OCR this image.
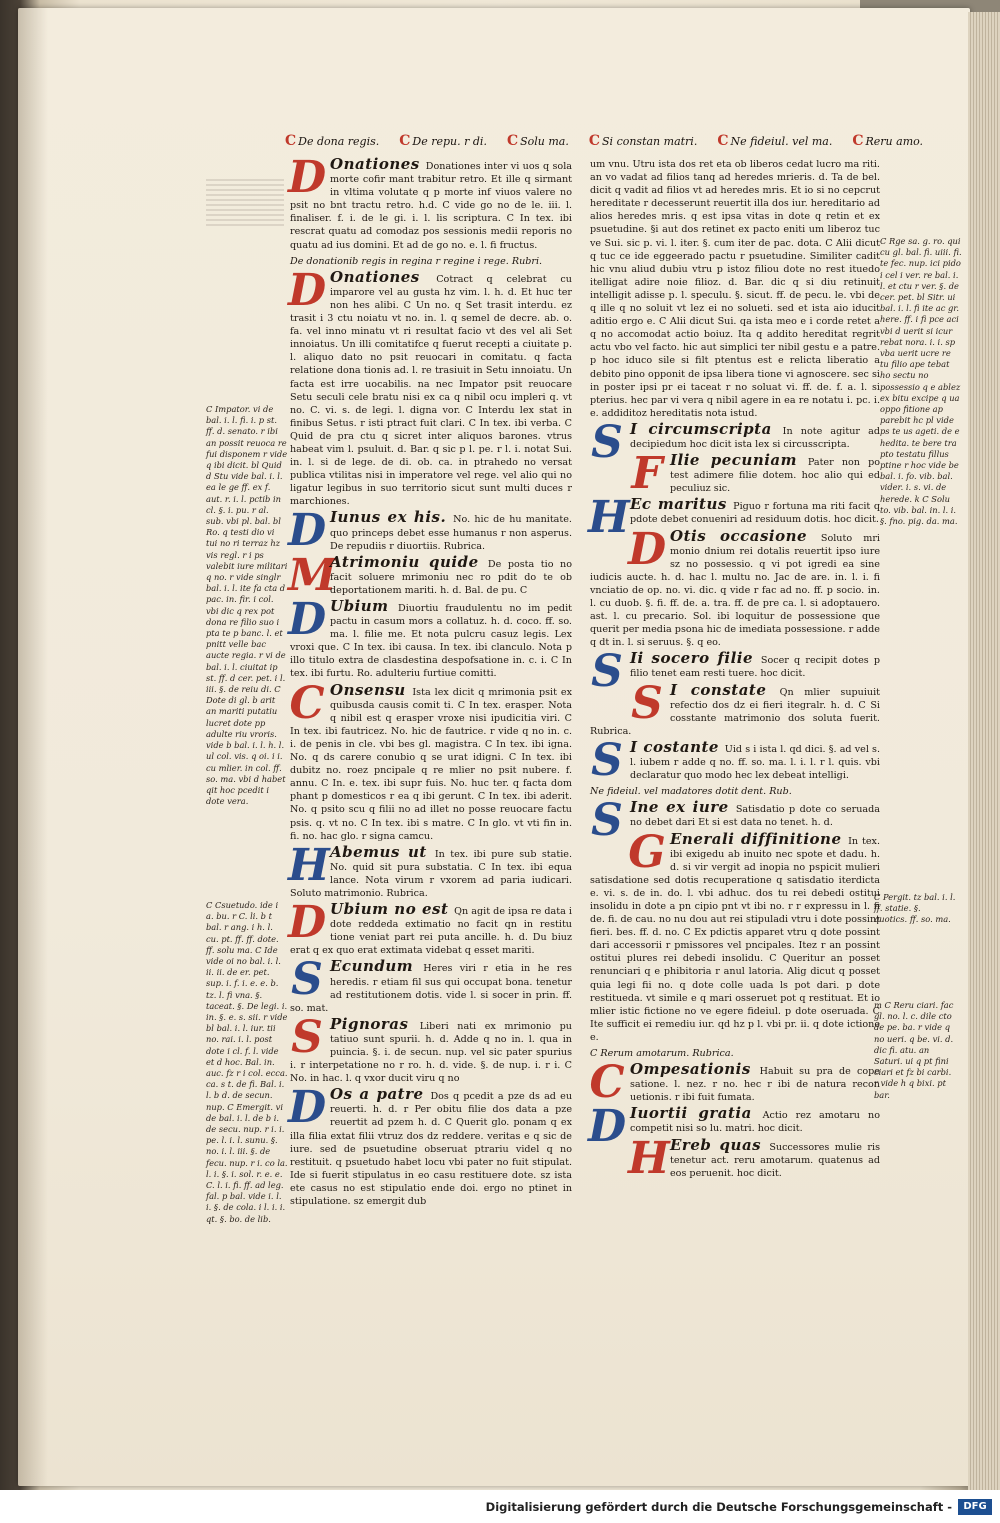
C De dona regis. C De repu. r di. C Solu ma. C Si constan matri. C Ne fideiul. vel ma. C Reru amo.
D Onationes Donationes inter vi uos q sola morte cofir mant trabitur retro. Et ille q sirmant in vltima volutate q p morte inf viuos valere no psit no bnt tractu retro. h.d. C vide go no de le. iii. l. finaliser. f. i. de le gi. i. l. lis scriptura. C In tex. ibi rescrat quatu ad comodaz pos sessionis medii reporis no quatu ad ius domini. Et ad de go no. e. l. fi fructus.
De donationib regis in regina r regine i rege. Rubri.
D Onationes Cotract q celebrat cu imparore vel au gusta hz vim. l. h. d. Et huc ter non hes alibi. C Un no. q Set trasit interdu. ez trasit i 3 ctu noiatu vt no. in. l. q semel de decre. ab. o. fa. vel inno minatu vt ri resultat facio vt des vel ali Set innoiatus. Un illi comitatifce q fuerut recepti a ciuitate p. l. aliquo dato no psit reuocari in comitatu. q facta relatione dona tionis ad. l. re trasiuit in Setu innoiatu. Un facta est irre uocabilis. na nec Impator psit reuocare Setu seculi cele bratu nisi ex ca q nibil ocu impleri q. vt no. C. vi. s. de legi. l. digna vor. C Interdu lex stat in finibus Setus. r isti ptract fuit clari. C In tex. ibi verba. C Quid de pra ctu q sicret inter aliquos barones. vtrus habeat vim l. psuluit. d. Bar. q sic p l. pe. r l. i. notat Sui. in. l. si de lege. de di. ob. ca. in ptrahedo no versat publica vtilitas nisi in imperatore vel rege. vel alio qui no ligatur legibus in suo territorio sicut sunt multi duces r marchiones.
D Iunus ex his. No. hic de hu manitate. quo princeps debet esse humanus r non asperus. De repudiis r diuortiis. Rubrica.
M
Atrimoniu quide De posta tio no facit soluere mrimoniu nec ro pdit do te ob deportationem mariti. h. d. Bal. de pu. C
D Ubium Diuortiu fraudulentu no im pedit pactu in casum mors a collatuz. h. d. coco. ff. so. ma. l. filie me. Et nota pulcru casuz legis. Lex vroxi que. C In tex. ibi causa. In tex. ibi clanculo. Nota p illo titulo extra de clasdestina despofsatione in. c. i. C In tex. ibi furtu. Ro. adulteriu furtiue comitti.
C Onsensu Ista lex dicit q mrimonia psit ex quibusda causis comit ti. C In tex. erasper. Nota q nibil est q erasper vroxe nisi ipudicitia viri. C In tex. ibi fautricez. No. hic de fautrice. r vide q no in. c. i. de penis in cle. vbi bes gl. magistra. C In tex. ibi igna. No. q ds carere conubio q se urat idigni. C In tex. ibi dubitz no. roez pncipale q re mlier no psit nubere. f. annu. C In. e. tex. ibi supr fuis. No. huc ter. q facta dom phant p domesticos r ea q ibi gerunt. C In tex. ibi aderit. No. q psito scu q filii no ad illet no posse reuocare factu psis. q. vt no. C In tex. ibi s matre. C In glo. vt vti fin in. fi. no. hac glo. r signa camcu.
H Abemus ut In tex. ibi pure sub statie. No. quid sit pura substatia. C In tex. ibi equa lance. Nota virum r vxorem ad paria iudicari. Soluto matrimonio. Rubrica.
D Ubium no est Qn agit de ipsa re data i dote reddeda extimatio no facit qn in restitu tione veniat part rei puta ancille. h. d. Du biuz erat q ex quo erat extimata videbat q esset mariti.
S Ecundum Heres viri r etia in he res heredis. r etiam fil sus qui occupat bona. tenetur ad restitutionem dotis. vide l. si socer in prin. ff. so. mat.
S Pignoras Liberi nati ex mrimonio pu tatiuo sunt spurii. h. d. Adde q no in. l. qua in puincia. §. i. de secun. nup. vel sic pater spurius i. r interpetatione no r ro. h. d. vide. §. de nup. i. r i. C No. in hac. l. q vxor ducit viru q no
D Os a patre Dos q pcedit a pze ds ad eu reuerti. h. d. r Per obitu filie dos data a pze reuertit ad pzem h. d. C Querit glo. ponam q ex illa filia extat filii vtruz dos dz reddere. veritas e q sic de iure. sed de psuetudine obseruat ptrariu videl q no restituit. q psuetudo habet locu vbi pater no fuit stipulat. Ide si fuerit stipulatus in eo casu restituere dote. sz ista ete casus no est stipulatio ende doi. ergo no ptinet in stipulatione. sz emergit dub
um vnu. Utru ista dos ret eta ob liberos cedat lucro ma riti. an vo vadat ad filios tanq ad heredes mrieris. d. Ta de bel. dicit q vadit ad filios vt ad heredes mris. Et io si no cepcrut hereditate r decesserunt reuertit illa dos iur. hereditario ad alios heredes mris. q est ipsa vitas in dote q retin et ex psuetudine. §i aut dos retinet ex pacto eniti um liberoz tuc ve Sui. sic p. vi. l. iter. §. cum iter de pac. dota. C Alii dicut q tuc ce ide eggeerado pactu r psuetudine. Similiter cadit hic vnu aliud dubiu vtru p istoz filiou dote no rest ituedo itelligat adire noie filioz. d. Bar. dic q si diu retinuit intelligit adisse p. l. speculu. §. sicut. ff. de pecu. le. vbi de q ille q no soluit vt lez ei no solueti. sed et ista aio iducit aditio ergo e. C Alii dicut Sui. qa ista meo e i corde retet a q no accomodat actio boiuz. Ita q addito hereditat regrit actu vbo vel facto. hic aut simplici ter nibil gestu e a patre. p hoc iduco sile si filt ptentus est e relicta liberatio a debito pino opponit de ipsa libera tione vi agnoscere. sec si in poster ipsi pr ei taceat r no soluat vi. ff. de. f. a. l. si pterius. hec par vi vera q nibil agere in ea re notatu i. pc. i. e. addiditoz hereditatis nota istud.
S I circumscripta In note agitur ad decipiedum hoc dicit ista lex si circusscripta.
F Ilie pecuniam Pater non po test adimere filie dotem. hoc alio qui ed peculiuz sic.
H Ec maritus Piguo r fortuna ma riti facit q pdote debet conueniri ad residuum dotis. hoc dicit.
D Otis occasione Soluto mri monio dnium rei dotalis reuertit ipso iure sz no possessio. q vi pot igredi ea sine iudicis aucte. h. d. hac l. multu no. Jac de are. in. l. i. fi vnciatio de op. no. vi. dic. q vide r fac ad no. ff. p socio. in. l. cu duob. §. fi. ff. de. a. tra. ff. de pre ca. l. si adoptauero. ast. l. cu precario. Sol. ibi loquitur de possessione que querit per media psona hic de imediata possessione. r adde q dt in. l. si seruus. §. q eo.
S Ii socero filie Socer q recipit dotes p filio tenet eam resti tuere. hoc dicit.
S I constate Qn mlier supuiuit refectio dos dz ei fieri itegralr. h. d. C Si cosstante matrimonio dos soluta fuerit. Rubrica.
S I costante Uid s i ista l. qd dici. §. ad vel s. l. iubem r adde q no. ff. so. ma. l. i. l. r l. quis. vbi declaratur quo modo hec lex debeat intelligi.
Ne fideiul. vel madatores dotit dent. Rub.
S Ine ex iure Satisdatio p dote co seruada no debet dari Et si est data no tenet. h. d.
G Enerali diffinitione In tex. ibi exigedu ab inuito nec spote et dadu. h. d. si vir vergit ad inopia no pspicit mulieri satisdatione sed dotis recuperatione q satisdatio iterdicta e. vi. s. de in. do. l. vbi adhuc. dos tu rei debedi ostitui insolidu in dote a pn cipio pnt vt ibi no. r r expressu in l. fi de. fi. de cau. no nu dou aut rei stipuladi vtru i dote possint fieri. bes. ff. d. no. C Ex pdictis apparet vtru q dote possint dari accessorii r pmissores vel pncipales. Itez r an possint ostitui plures rei debedi insolidu. C Queritur an posset renunciari q e phibitoria r anul latoria. Alig dicut q posset quia legi fii no. q dote colle uada ls pot dari. p dote restitueda. vt simile e q mari osseruet pot q restituat. Et io mlier istic fictione no ve egere fideiul. p dote oseruada. C Ite sufficit ei remediu iur. qd hz p l. vbi pr. ii. q dote ictione e.
C Rerum amotarum. Rubrica.
C Ompesationis Habuit su pra de cope satione. l. nez. r no. hec r ibi de natura recon uetionis. r ibi fuit fumata.
D Iuortii gratia Actio rez amotaru no competit nisi so lu. matri. hoc dicit.
H Ereb quas Successores mulie ris tenetur act. reru amotarum. quatenus ad eos peruenit. hoc dicit.
C Impator. vi de bal. i. l. fi. i. p st. ff. d. senato. r ibi an possit reuoca re fui disponem r vide q ibi dicit. bl Quid d Stu vide bal. i. l. ea le ge ff. ex f. aut. r. i. l. pctib in cl. §. i. pu. r al. sub. vbi pl. bal. bl Ro. q testi dio vi tui no ri terraz hz vis regl. r i ps valebit iure militari q no. r vide singlr bal. i. l. ite fa cta d pac. in. fir. i col. vbi dic q rex pot dona re filio suo i pta te p banc. l. et pnitt velle bac aucte regia. r vi de bal. i. l. ciuitat ip st. ff. d cer. pet. i l. iii. §. de reiu di. C Dote di gl. b arit an mariti putatiu lucret dote pp adulte riu vroris. vide b bal. i. l. h. l. ul col. vis. q oi. i i. cu mlier. in col. ff. so. ma. vbi d habet qit hoc pcedit i dote vera.
C Csuetudo. ide i a. bu. r C. li. b t bal. r ang. i h. l. cu. pt. ff. ff. dote. ff. solu ma. C Ide vide oi no bal. i. l. ii. ii. de er. pet. sup. i. f. i. e. e. b. tz. l. fi vna. §. taceat. §. De legi. i. in. §. e. s. sii. r vide bl bal. i. l. iur. tii no. rai. i. l. post dote i cl. f. l. vide et d hoc. Bal. in. auc. fz r i col. ecca. ca. s t. de fi. Bal. i. l. b d. de secun. nup. C Emergit. vi de bal. i. l. de b i. de secu. nup. r i. i. pe. l. i. l. sunu. §. no. i. l. iii. §. de fecu. nup. r i. co la. l. i. §. i. sol. r. e. e. C. l. i. fi. ff. ad leg. fal. p bal. vide i. l. i. §. de cola. i l. i. i. qt. §. bo. de lib.
C Rge sa. g. ro. qui cu gl. bal. fi. uiii. fi. te fec. nup. ici pido i cel i ver. re bal. i. l. et ctu r ver. §. de cer. pet. bl Sitr. ui bal. i. l. fi ite ac gr. here. ff. i fi pce aci vbi d uerit si icur rebat nora. i. i. sp vba uerit ucre re tu filio ape tebat ho sectu no possessio q e ablez ex bitu excipe q ua oppo fitione ap parebit hc pl vide ps te us ageti. de e hedita. te bere tra pto testatu fillus ptine r hoc vide be bal. i. fo. vib. bal. vider. i. s. vi. de herede. k C Solu to. vib. bal. in. l. i. §. fno. pig. da. ma.
C Pergit. tz bal. i. l. ff. statie. §. quotics. ff. so. ma.
m C Reru ciari. fac gl. no. l. c. dile cto de pe. ba. r vide q no ueri. q be. vi. d. dic fi. atu. an Saturi. ui q pt fini ciari et fz bi carbi. r vide h q bixi. pt bar.
Digitalisierung gefördert durch die Deutsche Forschungsgemeinschaft -	DFG
